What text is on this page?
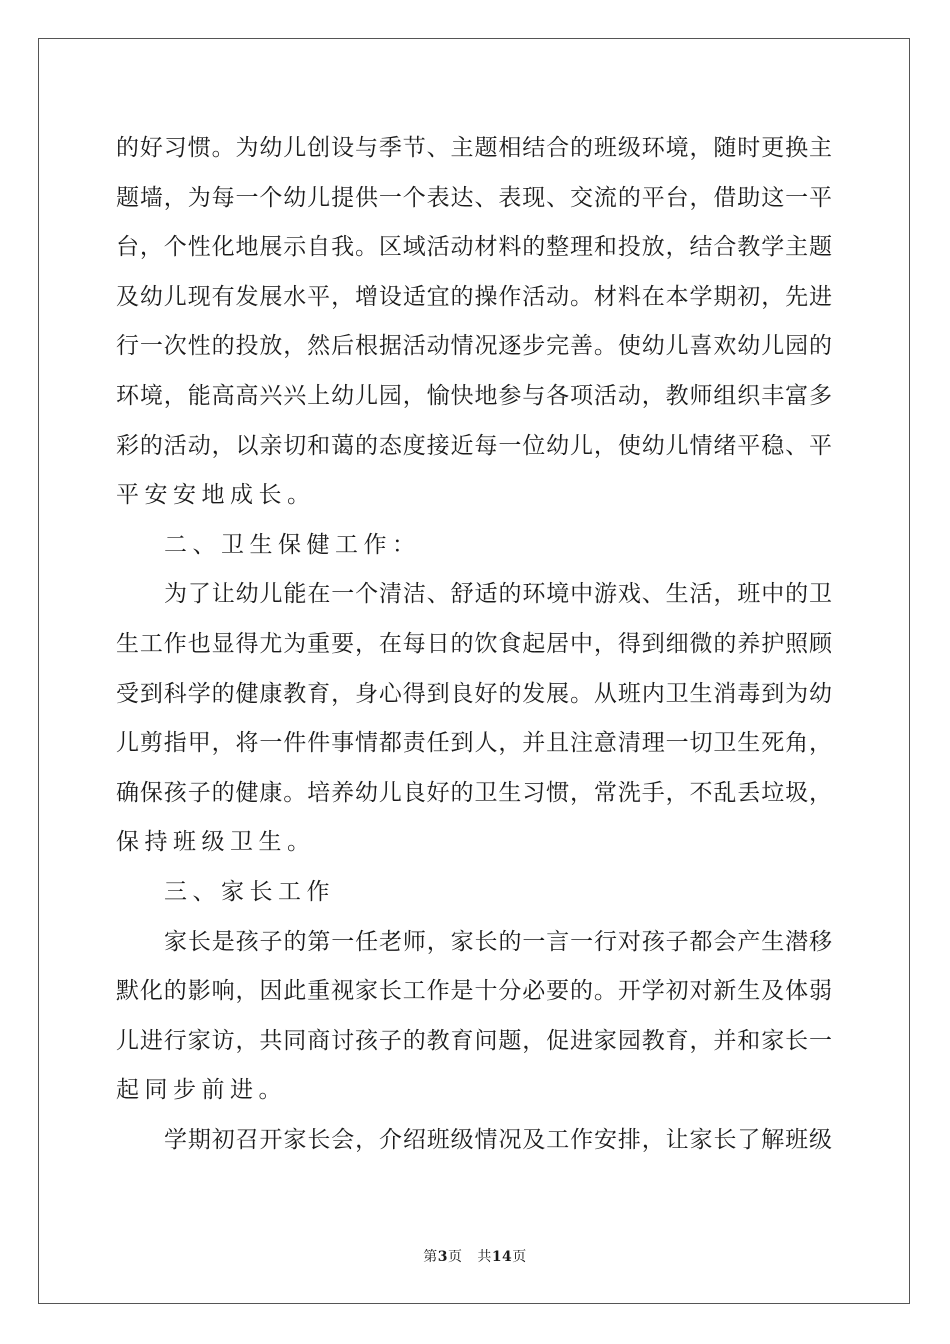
的好习惯。为幼儿创设与季节、主题相结合的班级环境，随时更换主
题墙，为每一个幼儿提供一个表达、表现、交流的平台，借助这一平
台，个性化地展示自我。区域活动材料的整理和投放，结合教学主题
及幼儿现有发展水平，增设适宜的操作活动。材料在本学期初，先进
行一次性的投放，然后根据活动情况逐步完善。使幼儿喜欢幼儿园的
环境，能高高兴兴上幼儿园，愉快地参与各项活动，教师组织丰富多
彩的活动，以亲切和蔼的态度接近每一位幼儿，使幼儿情绪平稳、平
平安安地成长。
二、卫生保健工作：
为了让幼儿能在一个清洁、舒适的环境中游戏、生活，班中的卫
生工作也显得尤为重要，在每日的饮食起居中，得到细微的养护照顾
受到科学的健康教育，身心得到良好的发展。从班内卫生消毒到为幼
儿剪指甲，将一件件事情都责任到人，并且注意清理一切卫生死角，
确保孩子的健康。培养幼儿良好的卫生习惯，常洗手，不乱丢垃圾，
保持班级卫生。
三、家长工作
家长是孩子的第一任老师，家长的一言一行对孩子都会产生潜移
默化的影响，因此重视家长工作是十分必要的。开学初对新生及体弱
儿进行家访，共同商讨孩子的教育问题，促进家园教育，并和家长一
起同步前进。
学期初召开家长会，介绍班级情况及工作安排，让家长了解班级
第3页 共14页
